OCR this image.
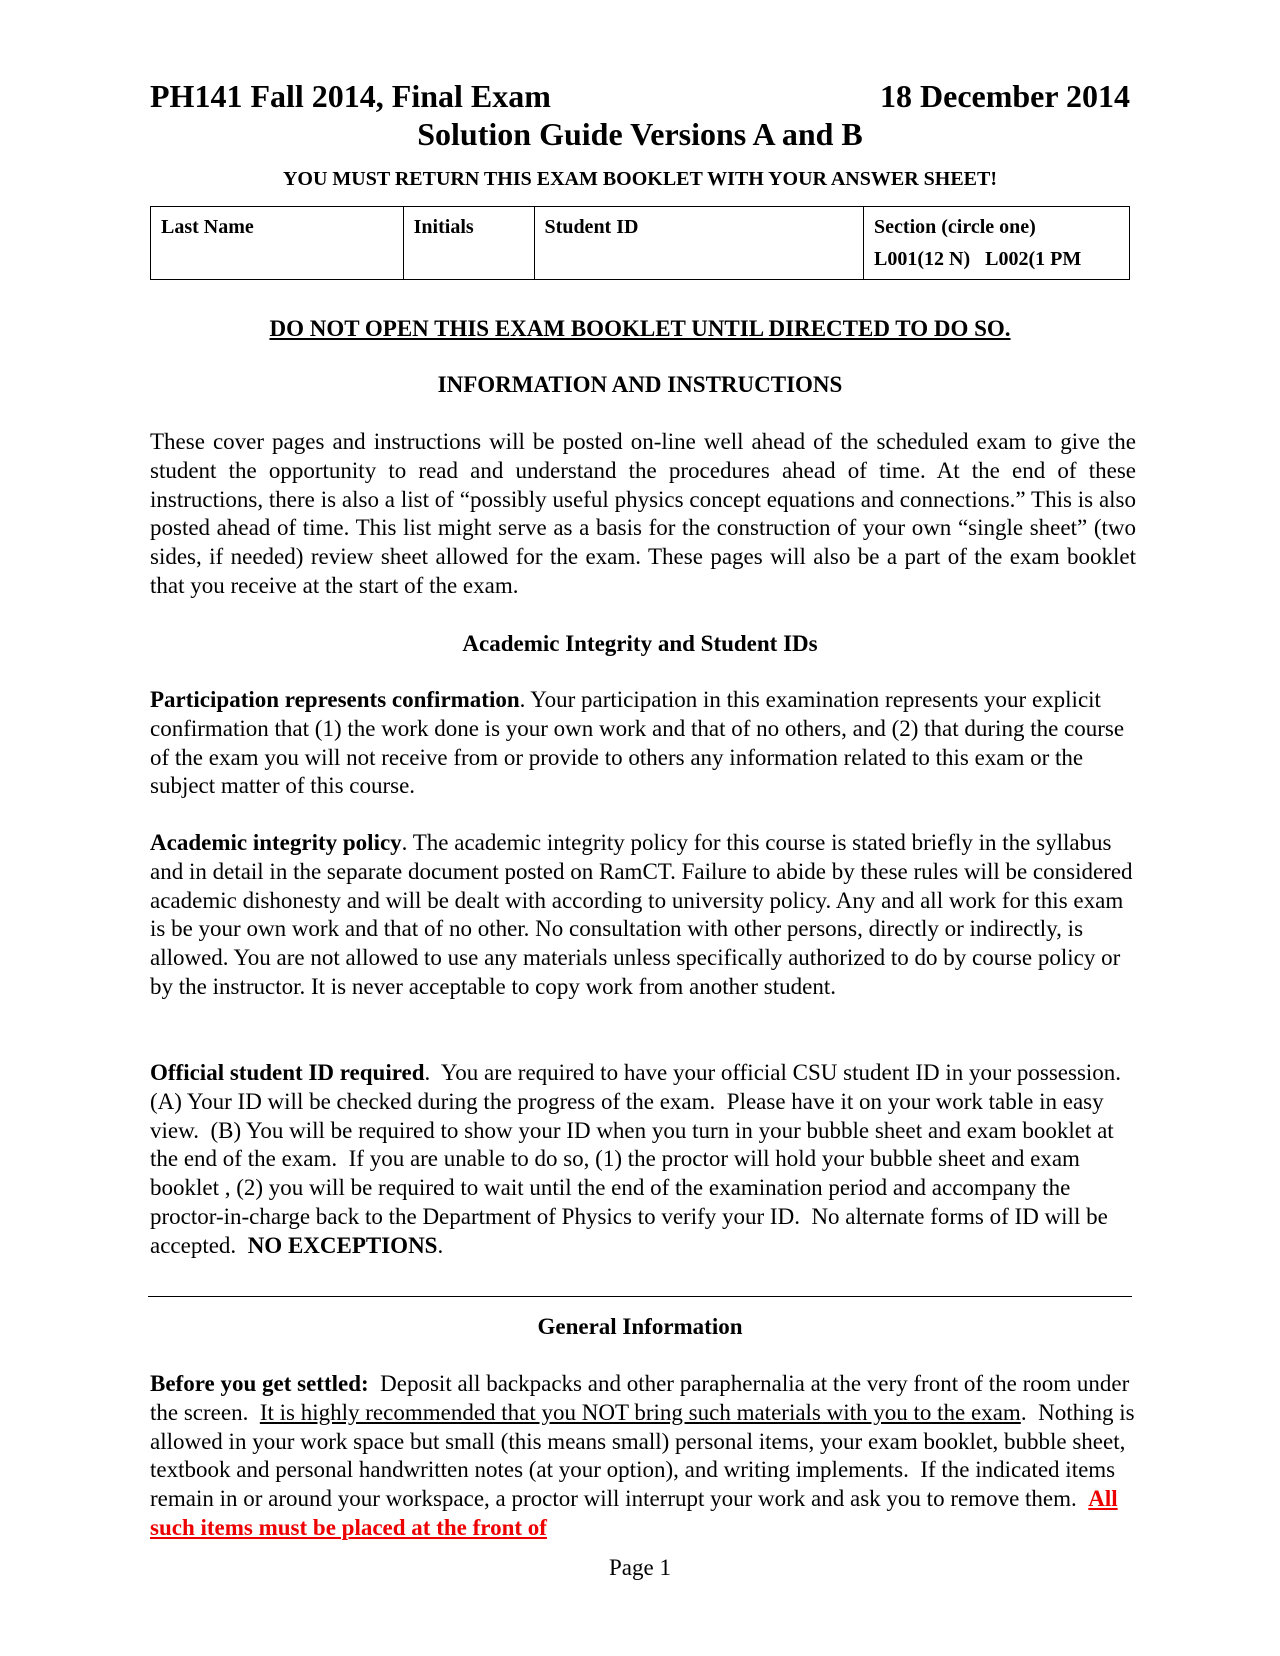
PH141 Fall 2014, Final Exam	18 December 2014
Solution Guide Versions A and B
YOU MUST RETURN THIS EXAM BOOKLET WITH YOUR ANSWER SHEET!
Last Name	Initials	Student ID	Section (circle one)
L001(12 N)   L002(1 PM
DO NOT OPEN THIS EXAM BOOKLET UNTIL DIRECTED TO DO SO.
INFORMATION AND INSTRUCTIONS
These cover pages and instructions will be posted on-line well ahead of the scheduled exam to give the student the opportunity to read and understand the procedures ahead of time. At the end of these instructions, there is also a list of “possibly useful physics concept equations and connections.” This is also posted ahead of time. This list might serve as a basis for the construction of your own “single sheet” (two sides, if needed) review sheet allowed for the exam. These pages will also be a part of the exam booklet that you receive at the start of the exam.
Academic Integrity and Student IDs
Participation represents confirmation. Your participation in this examination represents your explicit confirmation that (1) the work done is your own work and that of no others, and (2) that during the course of the exam you will not receive from or provide to others any information related to this exam or the subject matter of this course.
Academic integrity policy. The academic integrity policy for this course is stated briefly in the syllabus and in detail in the separate document posted on RamCT. Failure to abide by these rules will be considered academic dishonesty and will be dealt with according to university policy. Any and all work for this exam is be your own work and that of no other. No consultation with other persons, directly or indirectly, is allowed. You are not allowed to use any materials unless specifically authorized to do by course policy or by the instructor. It is never acceptable to copy work from another student.
Official student ID required.  You are required to have your official CSU student ID in your possession.  (A) Your ID will be checked during the progress of the exam.  Please have it on your work table in easy view.  (B) You will be required to show your ID when you turn in your bubble sheet and exam booklet at the end of the exam.  If you are unable to do so, (1) the proctor will hold your bubble sheet and exam booklet , (2) you will be required to wait until the end of the examination period and accompany the proctor-in-charge back to the Department of Physics to verify your ID.  No alternate forms of ID will be accepted.  NO EXCEPTIONS.
General Information
Before you get settled:  Deposit all backpacks and other paraphernalia at the very front of the room under the screen.  It is highly recommended that you NOT bring such materials with you to the exam.  Nothing is allowed in your work space but small (this means small) personal items, your exam booklet, bubble sheet, textbook and personal handwritten notes (at your option), and writing implements.  If the indicated items remain in or around your workspace, a proctor will interrupt your work and ask you to remove them.  All such items must be placed at the front of
Page 1
